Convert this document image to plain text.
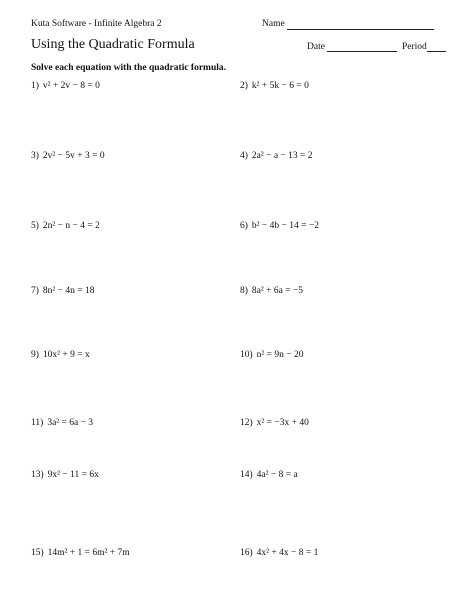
Kuta Software - Infinite Algebra 2	Name
Using the Quadratic Formula	Date	Period
Solve each equation with the quadratic formula.
1) v² + 2v − 8 = 0	2) k² + 5k − 6 = 0
3) 2v² − 5v + 3 = 0	4) 2a² − a − 13 = 2
5) 2n² − n − 4 = 2	6) b² − 4b − 14 = −2
7) 8n² − 4n = 18	8) 8a² + 6a = −5
9) 10x² + 9 = x	10) n² = 9n − 20
11) 3a² = 6a − 3	12) x² = −3x + 40
13) 9x² − 11 = 6x	14) 4a² − 8 = a
15) 14m² + 1 = 6m² + 7m	16) 4x² + 4x − 8 = 1
